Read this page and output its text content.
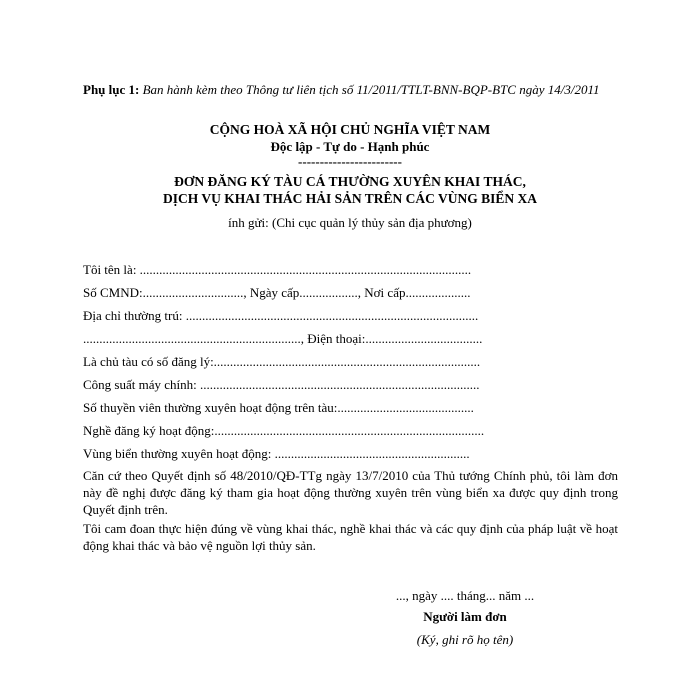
Phụ lục 1: Ban hành kèm theo Thông tư liên tịch số 11/2011/TTLT-BNN-BQP-BTC ngày 14/3/2011
CỘNG HOÀ XÃ HỘI CHỦ NGHĨA VIỆT NAM
Độc lập - Tự do - Hạnh phúc
------------------------
ĐƠN ĐĂNG KÝ TÀU CÁ THƯỜNG XUYÊN KHAI THÁC,
DỊCH VỤ KHAI THÁC HẢI SẢN TRÊN CÁC VÙNG BIỂN XA
ính gửi: (Chi cục quản lý thủy sản địa phương)
Tôi tên là: ......................................................................................................
Số CMND:..............................., Ngày cấp.................., Nơi cấp....................
Địa chỉ thường trú: ..........................................................................................
..................................................................., Điện thoại:....................................
Là chủ tàu có số đăng lý:..................................................................................
Công suất máy chính: ......................................................................................
Số thuyền viên thường xuyên hoạt động trên tàu:..........................................
Nghề đăng ký hoạt động:...................................................................................
Vùng biển thường xuyên hoạt động: ............................................................
Căn cứ theo Quyết định số 48/2010/QĐ-TTg ngày 13/7/2010 của Thủ tướng Chính phủ, tôi làm đơn này đề nghị được đăng ký tham gia hoạt động thường xuyên trên vùng biển xa được quy định trong Quyết định trên.
Tôi cam đoan thực hiện đúng về vùng khai thác, nghề khai thác và các quy định của pháp luật về hoạt động khai thác và bảo vệ nguồn lợi thủy sản.
..., ngày .... tháng... năm ...
Người làm đơn
(Ký, ghi rõ họ tên)
